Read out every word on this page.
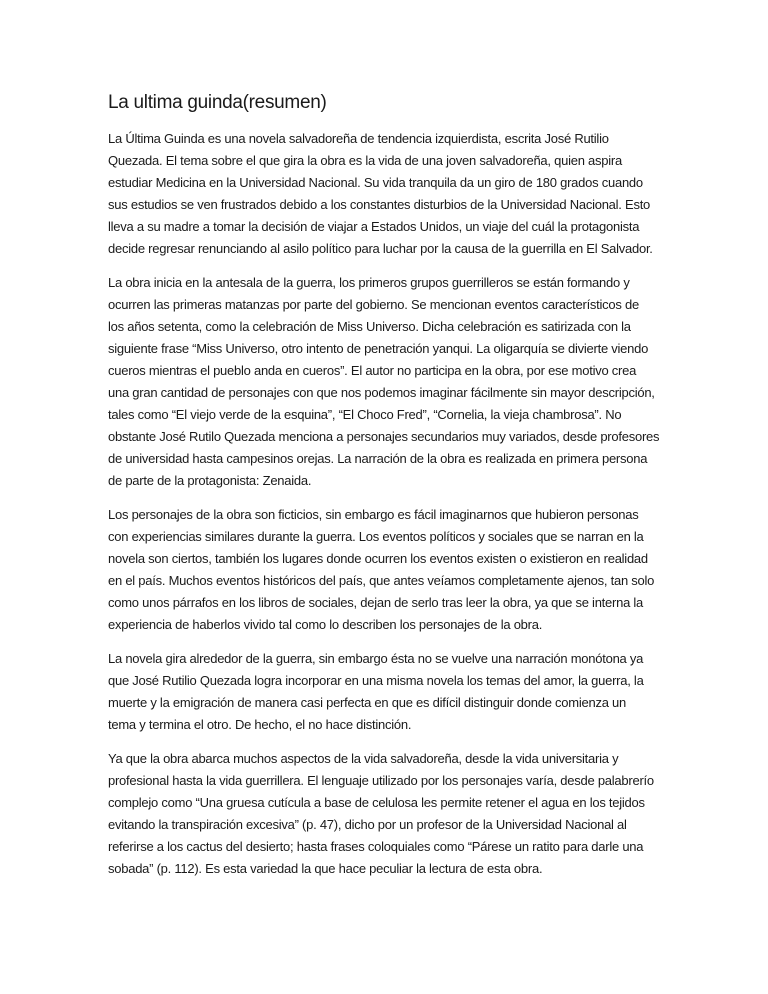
La ultima guinda(resumen)

La Última Guinda es una novela salvadoreña de tendencia izquierdista, escrita José Rutilio
Quezada. El tema sobre el que gira la obra es la vida de una joven salvadoreña, quien aspira
estudiar Medicina en la Universidad Nacional. Su vida tranquila da un giro de 180 grados cuando
sus estudios se ven frustrados debido a los constantes disturbios de la Universidad Nacional. Esto
lleva a su madre a tomar la decisión de viajar a Estados Unidos, un viaje del cuál la protagonista
decide regresar renunciando al asilo político para luchar por la causa de la guerrilla en El Salvador.

La obra inicia en la antesala de la guerra, los primeros grupos guerrilleros se están formando y
ocurren las primeras matanzas por parte del gobierno. Se mencionan eventos característicos de
los años setenta, como la celebración de Miss Universo. Dicha celebración es satirizada con la
siguiente frase “Miss Universo, otro intento de penetración yanqui. La oligarquía se divierte viendo
cueros mientras el pueblo anda en cueros”. El autor no participa en la obra, por ese motivo crea
una gran cantidad de personajes con que nos podemos imaginar fácilmente sin mayor descripción,
tales como “El viejo verde de la esquina”, “El Choco Fred”, “Cornelia, la vieja chambrosa”. No
obstante José Rutilo Quezada menciona a personajes secundarios muy variados, desde profesores
de universidad hasta campesinos orejas. La narración de la obra es realizada en primera persona
de parte de la protagonista: Zenaida.

Los personajes de la obra son ficticios, sin embargo es fácil imaginarnos que hubieron personas
con experiencias similares durante la guerra. Los eventos políticos y sociales que se narran en la
novela son ciertos, también los lugares donde ocurren los eventos existen o existieron en realidad
en el país. Muchos eventos históricos del país, que antes veíamos completamente ajenos, tan solo
como unos párrafos en los libros de sociales, dejan de serlo tras leer la obra, ya que se interna la
experiencia de haberlos vivido tal como lo describen los personajes de la obra.

La novela gira alrededor de la guerra, sin embargo ésta no se vuelve una narración monótona ya
que José Rutilio Quezada logra incorporar en una misma novela los temas del amor, la guerra, la
muerte y la emigración de manera casi perfecta en que es difícil distinguir donde comienza un
tema y termina el otro. De hecho, el no hace distinción.

Ya que la obra abarca muchos aspectos de la vida salvadoreña, desde la vida universitaria y
profesional hasta la vida guerrillera. El lenguaje utilizado por los personajes varía, desde palabrerío
complejo como “Una gruesa cutícula a base de celulosa les permite retener el agua en los tejidos
evitando la transpiración excesiva” (p. 47), dicho por un profesor de la Universidad Nacional al
referirse a los cactus del desierto; hasta frases coloquiales como “Párese un ratito para darle una
sobada” (p. 112). Es esta variedad la que hace peculiar la lectura de esta obra.
